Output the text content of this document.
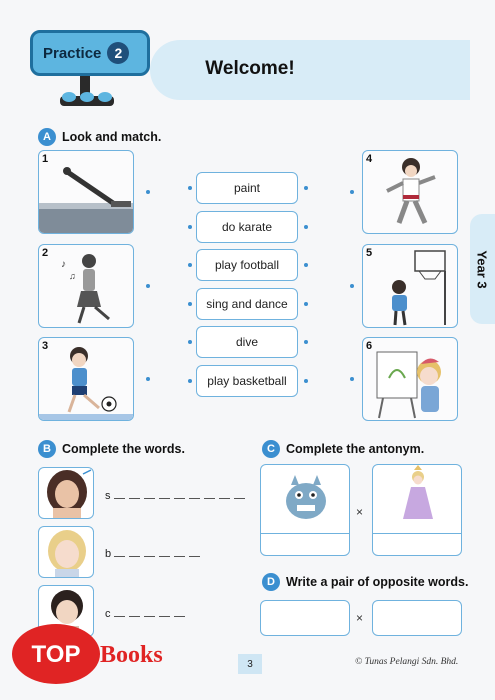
Practice 2
Welcome!
Year 3
A Look and match.
1
2
♪
♫
3
paint
do karate
play football
sing and dance
dive
play basketball
4
5
6
B Complete the words.
s
b
c
C Complete the antonym.
×
D Write a pair of opposite words.
×
3	© Tunas Pelangi Sdn. Bhd.
TOP Books
